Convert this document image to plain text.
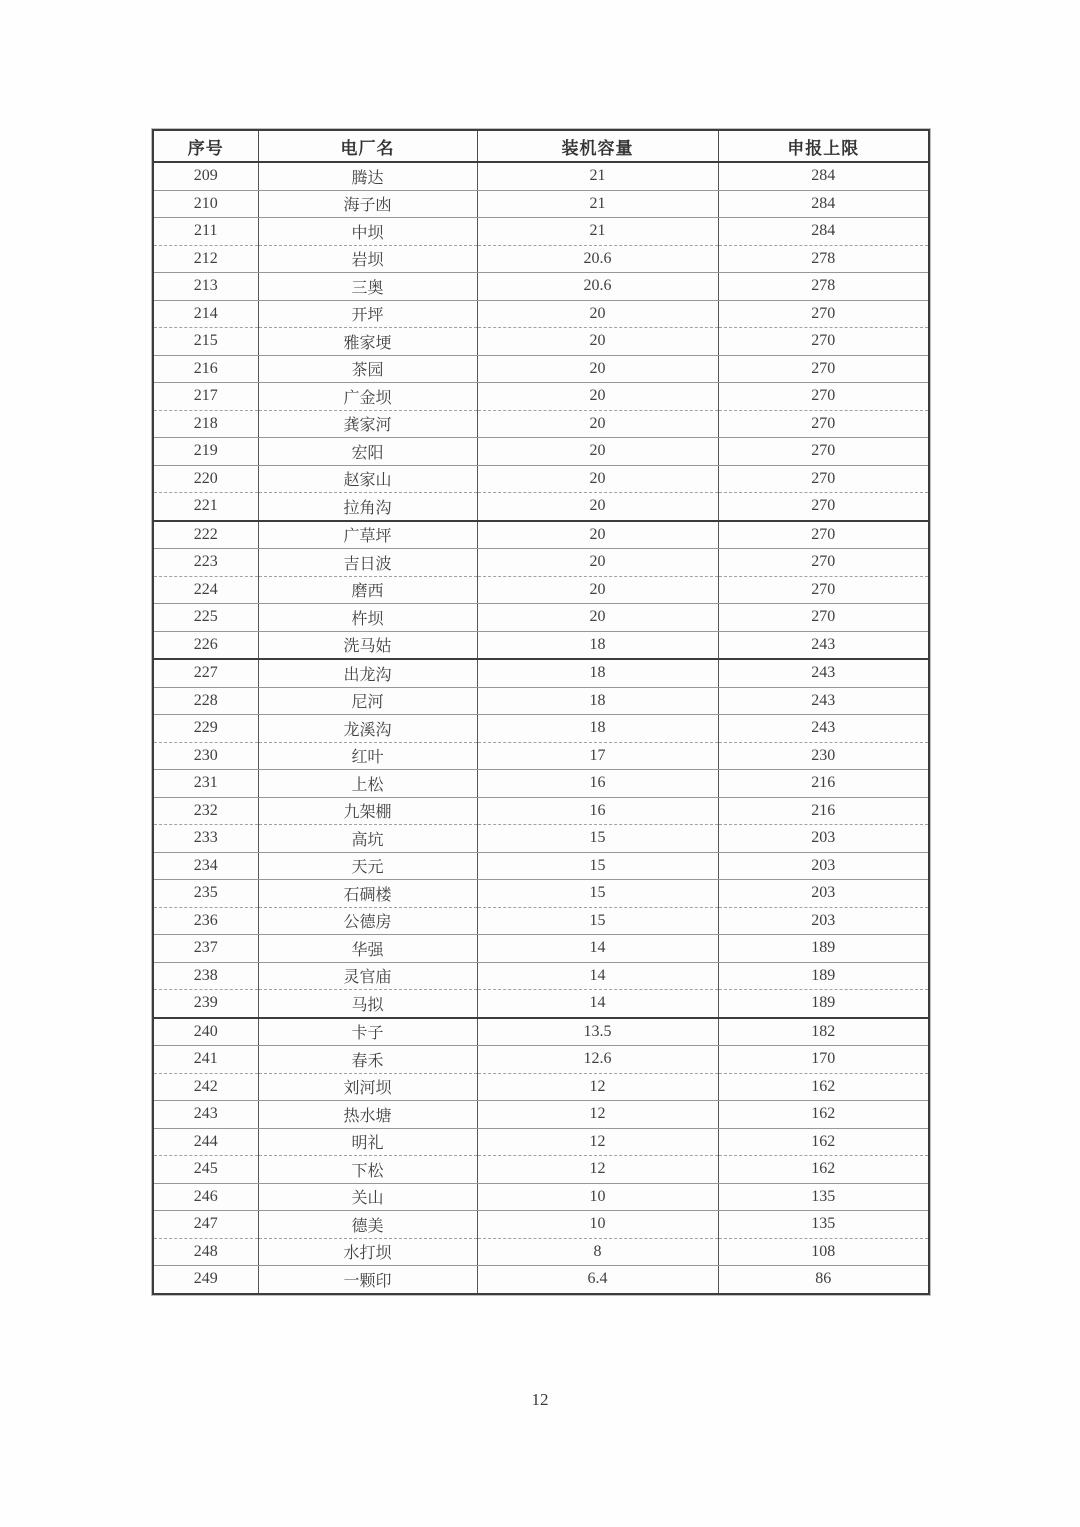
序号	电厂名	装机容量	申报上限
209	腾达	21	284
210	海子凼	21	284
211	中坝	21	284
212	岩坝	20.6	278
213	三奥	20.6	278
214	开坪	20	270
215	雅家埂	20	270
216	茶园	20	270
217	广金坝	20	270
218	龚家河	20	270
219	宏阳	20	270
220	赵家山	20	270
221	拉角沟	20	270
222	广草坪	20	270
223	吉日波	20	270
224	磨西	20	270
225	杵坝	20	270
226	洗马姑	18	243
227	出龙沟	18	243
228	尼河	18	243
229	龙溪沟	18	243
230	红叶	17	230
231	上松	16	216
232	九架棚	16	216
233	高坑	15	203
234	天元	15	203
235	石碉楼	15	203
236	公德房	15	203
237	华强	14	189
238	灵官庙	14	189
239	马拟	14	189
240	卡子	13.5	182
241	春禾	12.6	170
242	刘河坝	12	162
243	热水塘	12	162
244	明礼	12	162
245	下松	12	162
246	关山	10	135
247	德美	10	135
248	水打坝	8	108
249	一颗印	6.4	86
12
